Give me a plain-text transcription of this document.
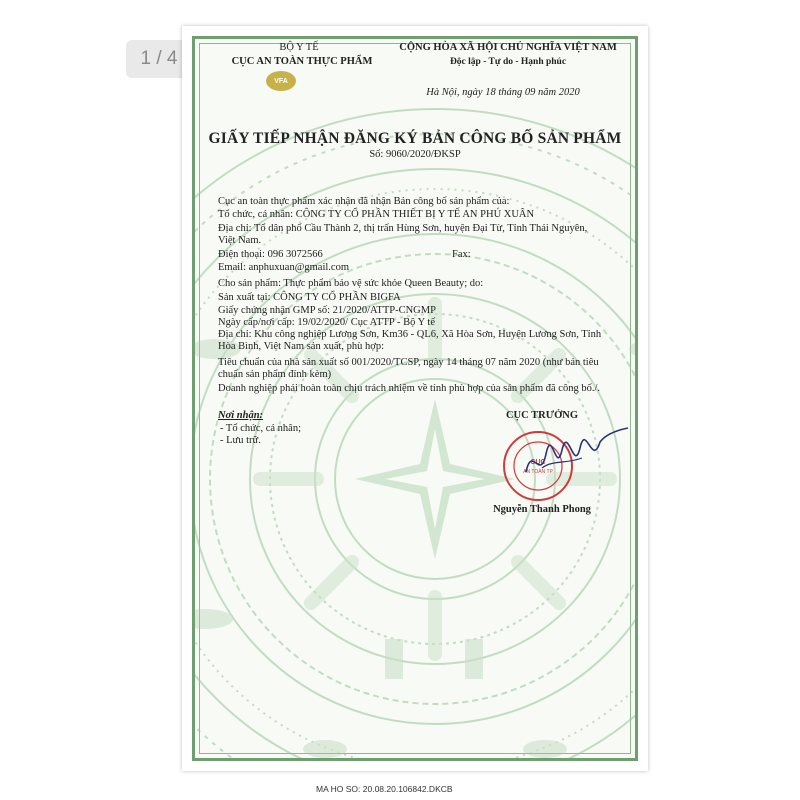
1 / 4
BỘ Y TẾ
CỤC AN TOÀN THỰC PHẨM
VFA
CỘNG HÒA XÃ HỘI CHỦ NGHĨA VIỆT NAM
Độc lập - Tự do - Hạnh phúc
Hà Nội, ngày 18 tháng 09 năm 2020
GIẤY TIẾP NHẬN ĐĂNG KÝ BẢN CÔNG BỐ SẢN PHẨM
Số: 9060/2020/ĐKSP
Cục an toàn thực phẩm xác nhận đã nhận Bản công bố sản phẩm của:
Tổ chức, cá nhân: CÔNG TY CỔ PHẦN THIẾT BỊ Y TẾ AN PHÚ XUÂN
Địa chỉ: Tổ dân phố Cầu Thành 2, thị trấn Hùng Sơn, huyện Đại Từ, Tỉnh Thái Nguyên,
Việt Nam.
Điện thoại: 096 3072566	Fax:
Email: anphuxuan@gmail.com
Cho sản phẩm: Thực phẩm bảo vệ sức khỏe Queen Beauty; do:
Sản xuất tại: CÔNG TY CỔ PHẦN BIGFA
Giấy chứng nhận GMP số: 21/2020/ATTP-CNGMP
Ngày cấp/nơi cấp: 19/02/2020/ Cục ATTP - Bộ Y tế
Địa chỉ: Khu công nghiệp Lương Sơn, Km36 - QL6, Xã Hòa Sơn, Huyện Lương Sơn, Tỉnh
Hòa Bình, Việt Nam sản xuất, phù hợp:
Tiêu chuẩn của nhà sản xuất số 001/2020/TCSP, ngày 14 tháng 07 năm 2020 (như bản tiêu
chuẩn sản phẩm đính kèm)
Doanh nghiệp phải hoàn toàn chịu trách nhiệm về tính phù hợp của sản phẩm đã công bố./.
Nơi nhận:
- Tổ chức, cá nhân;
- Lưu trữ.
CỤC TRƯỞNG
CỤC
AN TOÀN TP
Nguyễn Thanh Phong
MA HO SO: 20.08.20.106842.DKCB
